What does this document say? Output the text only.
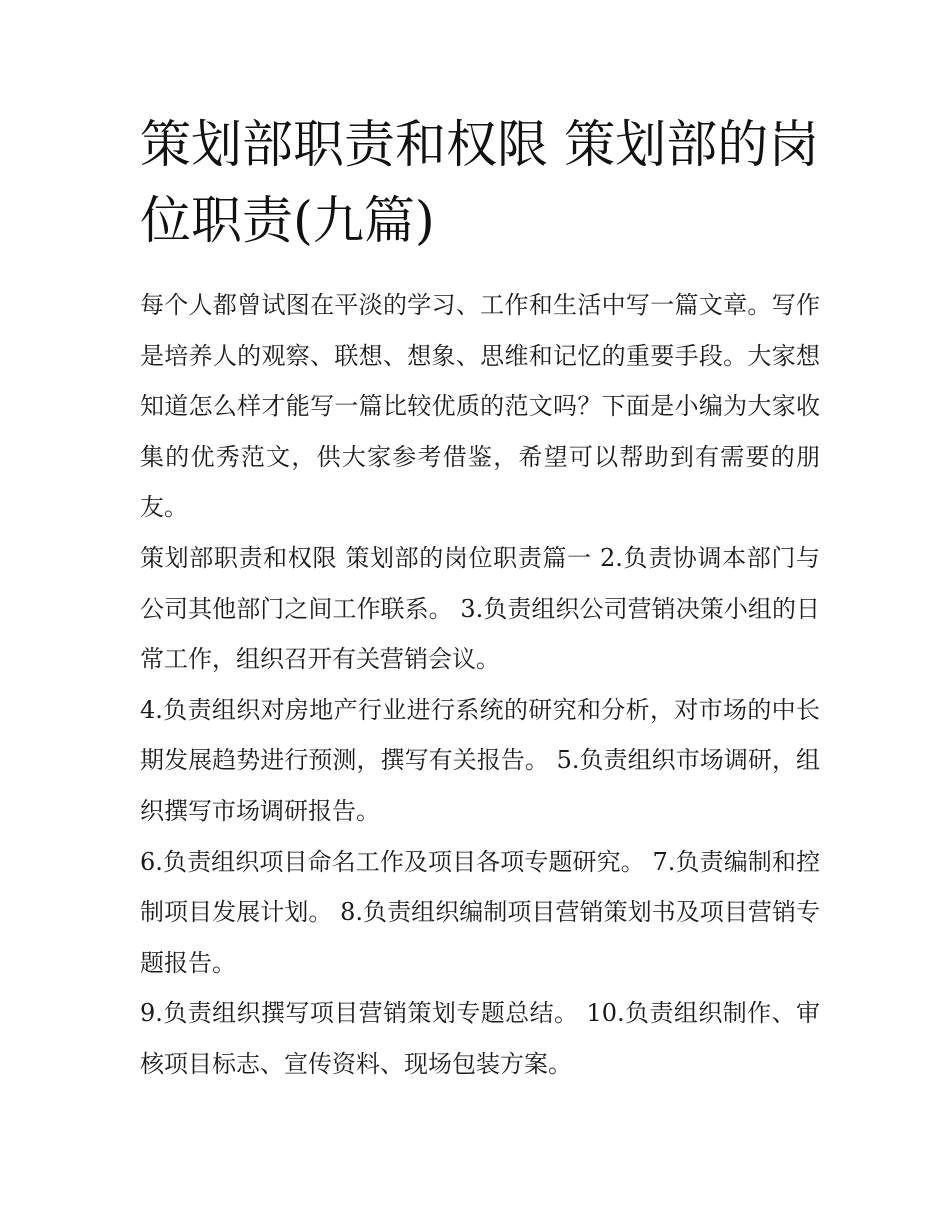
策划部职责和权限 策划部的岗位职责(九篇)

每个人都曾试图在平淡的学习、工作和生活中写一篇文章。写作是培养人的观察、联想、想象、思维和记忆的重要手段。大家想知道怎么样才能写一篇比较优质的范文吗？下面是小编为大家收集的优秀范文，供大家参考借鉴，希望可以帮助到有需要的朋友。

策划部职责和权限 策划部的岗位职责篇一 2.负责协调本部门与公司其他部门之间工作联系。 3.负责组织公司营销决策小组的日常工作，组织召开有关营销会议。

4.负责组织对房地产行业进行系统的研究和分析，对市场的中长期发展趋势进行预测，撰写有关报告。 5.负责组织市场调研，组织撰写市场调研报告。

6.负责组织项目命名工作及项目各项专题研究。 7.负责编制和控制项目发展计划。 8.负责组织编制项目营销策划书及项目营销专题报告。

9.负责组织撰写项目营销策划专题总结。 10.负责组织制作、审核项目标志、宣传资料、现场包装方案。
